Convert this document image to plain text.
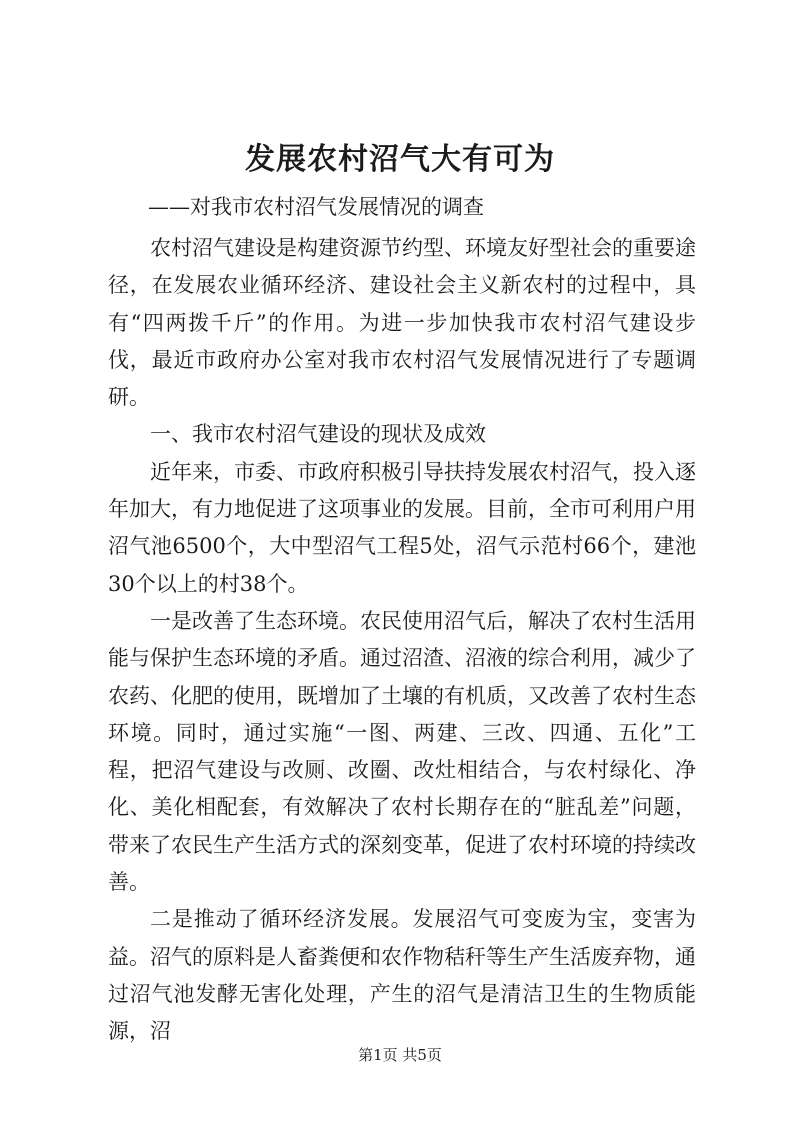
发展农村沼气大有可为
——对我市农村沼气发展情况的调查

农村沼气建设是构建资源节约型、环境友好型社会的重要途径，在发展农业循环经济、建设社会主义新农村的过程中，具有“四两拨千斤”的作用。为进一步加快我市农村沼气建设步伐，最近市政府办公室对我市农村沼气发展情况进行了专题调研。

一、我市农村沼气建设的现状及成效

近年来，市委、市政府积极引导扶持发展农村沼气，投入逐年加大，有力地促进了这项事业的发展。目前，全市可利用户用沼气池6500个，大中型沼气工程5处，沼气示范村66个，建池30个以上的村38个。

一是改善了生态环境。农民使用沼气后，解决了农村生活用能与保护生态环境的矛盾。通过沼渣、沼液的综合利用，减少了农药、化肥的使用，既增加了土壤的有机质，又改善了农村生态环境。同时，通过实施“一图、两建、三改、四通、五化”工程，把沼气建设与改厕、改圈、改灶相结合，与农村绿化、净化、美化相配套，有效解决了农村长期存在的“脏乱差”问题，带来了农民生产生活方式的深刻变革，促进了农村环境的持续改善。

二是推动了循环经济发展。发展沼气可变废为宝，变害为益。沼气的原料是人畜粪便和农作物秸秆等生产生活废弃物，通过沼气池发酵无害化处理，产生的沼气是清洁卫生的生物质能源，沼

第1页 共5页
